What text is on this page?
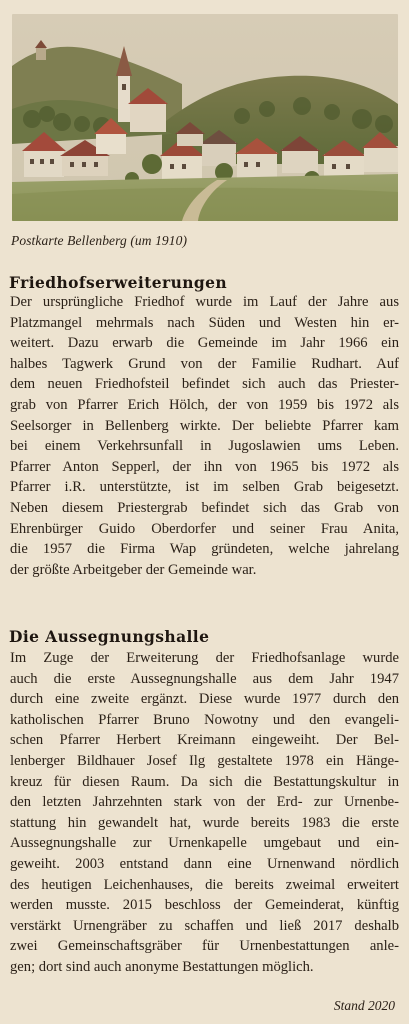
Postkarte Bellenberg (um 1910)
Friedhofserweiterungen
Der ursprüngliche Friedhof wurde im Lauf der Jahre aus
Platzmangel mehrmals nach Süden und Westen hin er-
weitert. Dazu erwarb die Gemeinde im Jahr 1966 ein
halbes Tagwerk Grund von der Familie Rudhart. Auf
dem neuen Friedhofsteil befindet sich auch das Priester-
grab von Pfarrer Erich Hölch, der von 1959 bis 1972 als
Seelsorger in Bellenberg wirkte. Der beliebte Pfarrer kam
bei einem Verkehrsunfall in Jugoslawien ums Leben.
Pfarrer Anton Sepperl, der ihn von 1965 bis 1972 als
Pfarrer i.R. unterstützte, ist im selben Grab beigesetzt.
Neben diesem Priestergrab befindet sich das Grab von
Ehrenbürger Guido Oberdorfer und seiner Frau Anita,
die 1957 die Firma Wap gründeten, welche jahrelang
der größte Arbeitgeber der Gemeinde war.
Die Aussegnungshalle
Im Zuge der Erweiterung der Friedhofsanlage wurde
auch die erste Aussegnungshalle aus dem Jahr 1947
durch eine zweite ergänzt. Diese wurde 1977 durch den
katholischen Pfarrer Bruno Nowotny und den evangeli-
schen Pfarrer Herbert Kreimann eingeweiht. Der Bel-
lenberger Bildhauer Josef Ilg gestaltete 1978 ein Hänge-
kreuz für diesen Raum. Da sich die Bestattungskultur in
den letzten Jahrzehnten stark von der Erd- zur Urnenbe-
stattung hin gewandelt hat, wurde bereits 1983 die erste
Aussegnungshalle zur Urnenkapelle umgebaut und ein-
geweiht. 2003 entstand dann eine Urnenwand nördlich
des heutigen Leichenhauses, die bereits zweimal erweitert
werden musste. 2015 beschloss der Gemeinderat, künftig
verstärkt Urnengräber zu schaffen und ließ 2017 deshalb
zwei Gemeinschaftsgräber für Urnenbestattungen anle-
gen; dort sind auch anonyme Bestattungen möglich.
Stand 2020
